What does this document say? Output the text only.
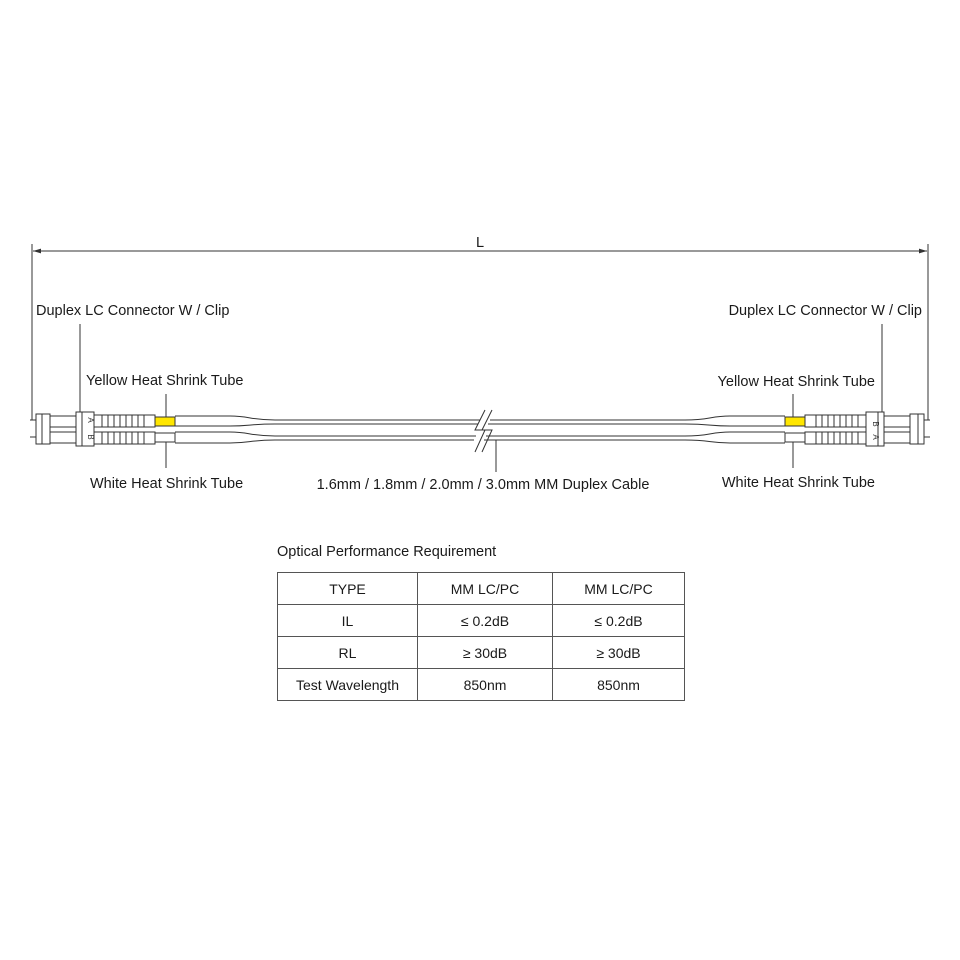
L
A
B
B
A
Duplex LC Connector W / Clip	Duplex LC Connector W / Clip
Yellow Heat Shrink Tube	Yellow Heat Shrink Tube
White Heat Shrink Tube	White Heat Shrink Tube
1.6mm / 1.8mm / 2.0mm / 3.0mm MM Duplex Cable
Optical Performance Requirement
TYPE	MM LC/PC	MM LC/PC
IL	≤ 0.2dB	≤ 0.2dB
RL	≥ 30dB	≥ 30dB
Test Wavelength	850nm	850nm
